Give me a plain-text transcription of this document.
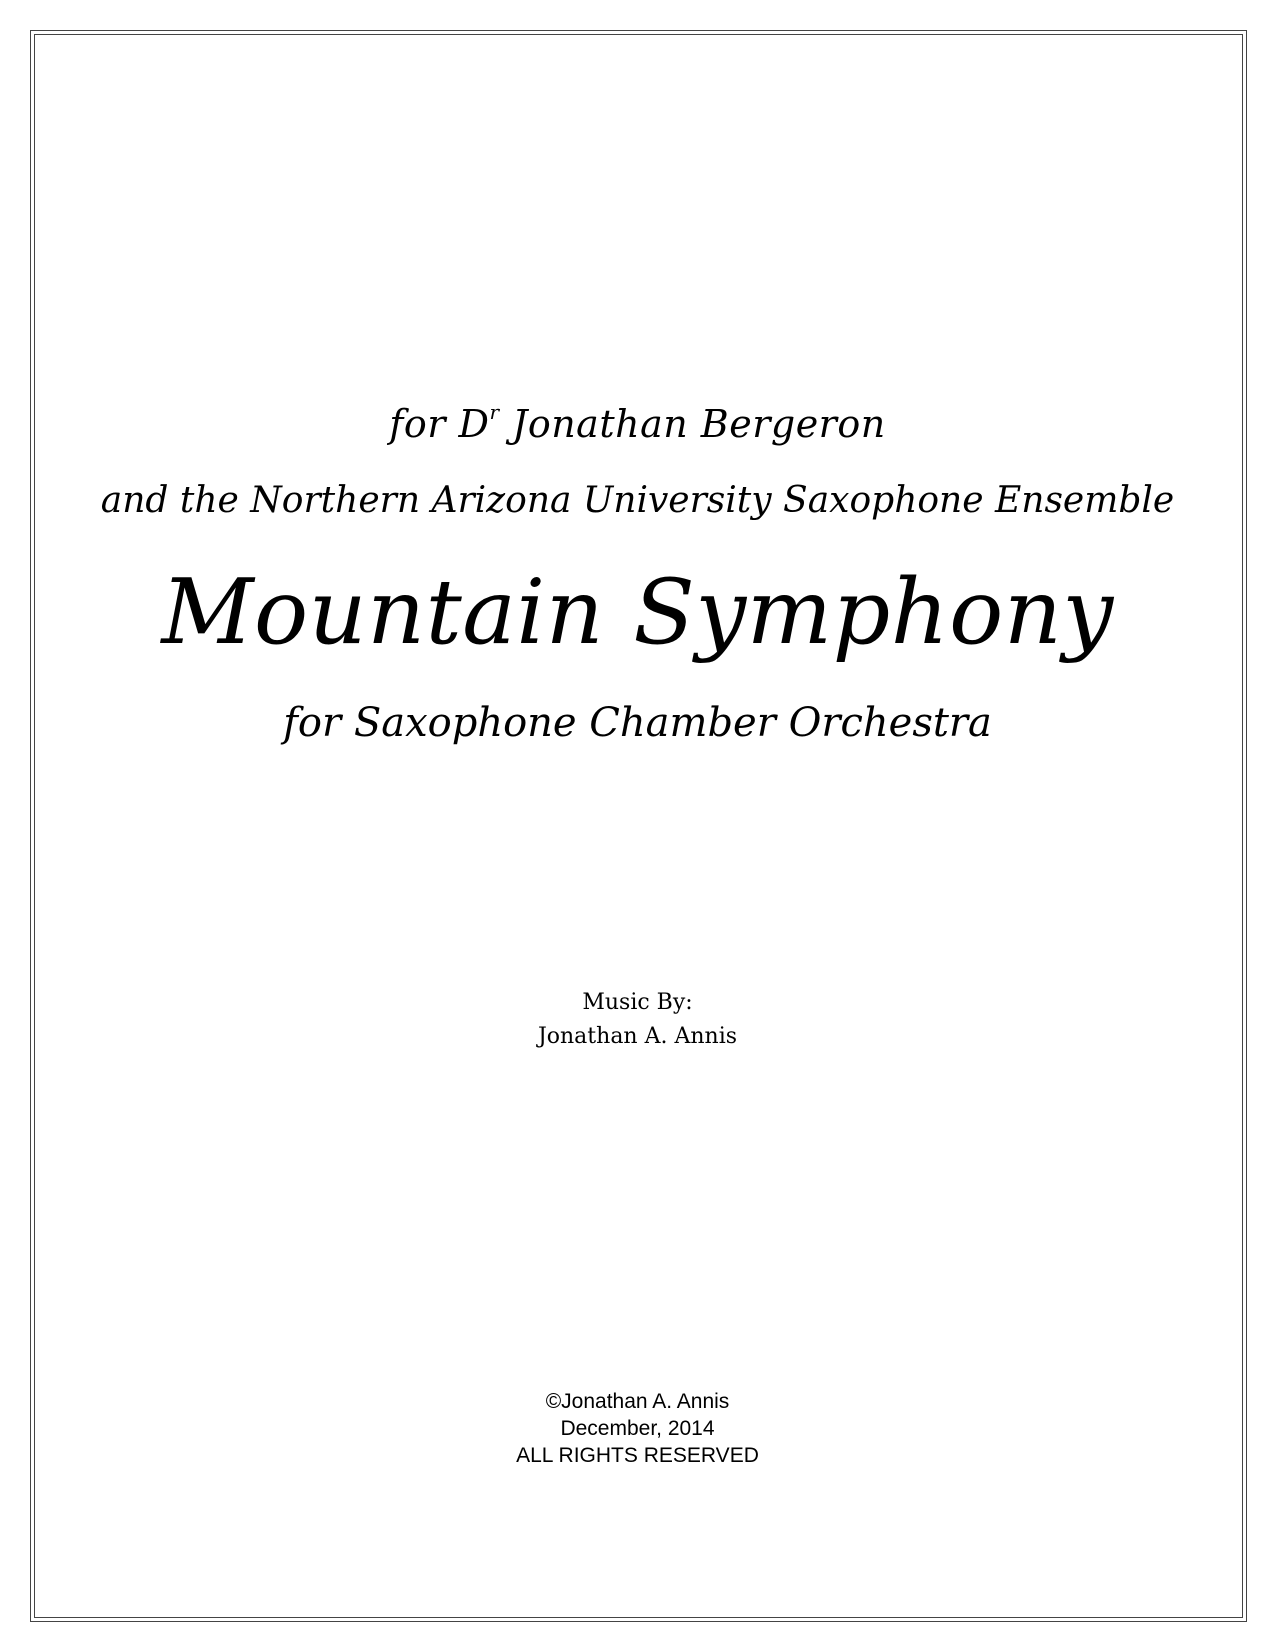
for $D^r$ Jonathan Bergeron
and the Northern Arizona University Saxophone Ensemble
Mountain Symphony
for Saxophone Chamber Orchestra
Music By:
Jonathan A. Annis
©Jonathan A. Annis
December, 2014
ALL RIGHTS RESERVED
